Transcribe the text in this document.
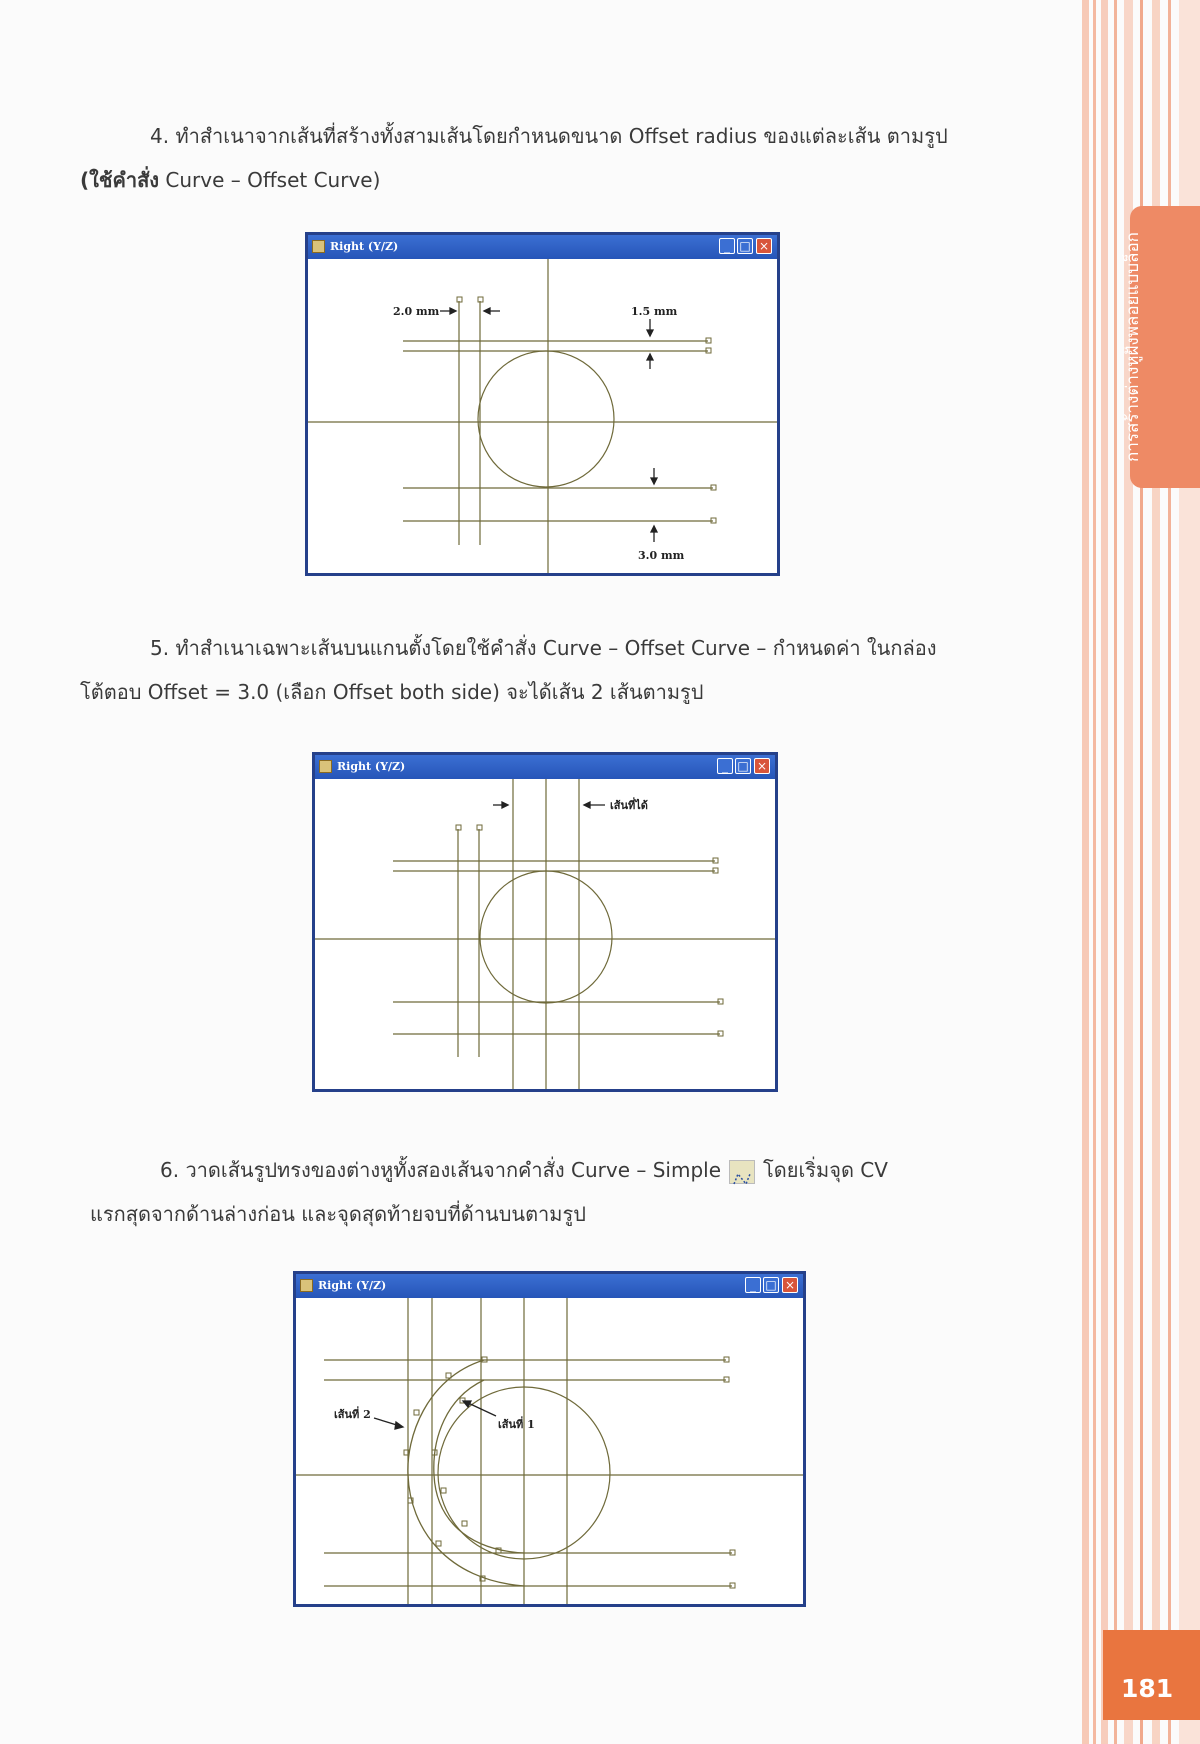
การสร้างต่างหูฝังพลอยแบบล็อก
181
4. ทำสำเนาจากเส้นที่สร้างทั้งสามเส้นโดยกำหนดขนาด Offset radius ของแต่ละเส้น ตามรูป
(ใช้คำสั่ง Curve – Offset Curve)
Right (Y/Z)	_ □ ×
2.0 mm	1.5 mm
3.0 mm
5. ทำสำเนาเฉพาะเส้นบนแกนตั้งโดยใช้คำสั่ง Curve – Offset Curve – กำหนดค่า ในกล่อง
โต้ตอบ Offset = 3.0 (เลือก Offset both side) จะได้เส้น 2 เส้นตามรูป
Right (Y/Z)	_ □ ×
เส้นที่ได้
6. วาดเส้นรูปทรงของต่างหูทั้งสองเส้นจากคำสั่ง Curve – Simple โดยเริ่มจุด CV
แรกสุดจากด้านล่างก่อน และจุดสุดท้ายจบที่ด้านบนตามรูป
Right (Y/Z)	_ □ ×
เส้นที่ 2
เส้นที่ 1
